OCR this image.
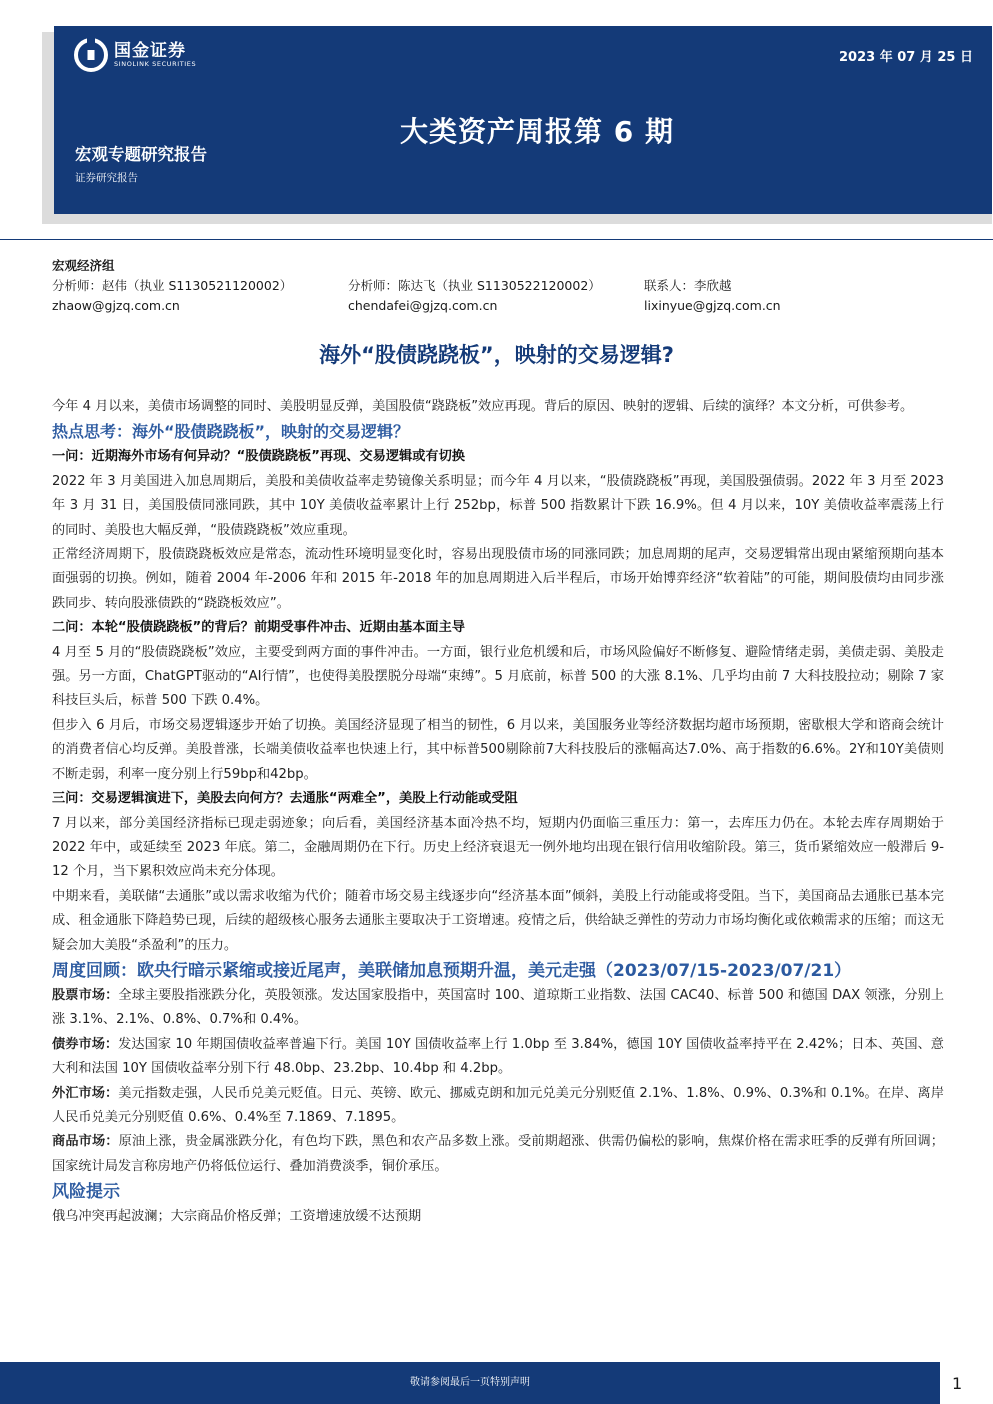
国金证券
SINOLINK SECURITIES	2023 年 07 月 25 日
大类资产周报第 6 期
宏观专题研究报告
证券研究报告
宏观经济组
分析师：赵伟（执业 S1130521120002）
zhaow@gjzq.com.cn
分析师：陈达飞（执业 S1130522120002）
chendafei@gjzq.com.cn
联系人：李欣越
lixinyue@gjzq.com.cn
海外“股债跷跷板”，映射的交易逻辑?

今年 4 月以来，美债市场调整的同时、美股明显反弹，美国股债“跷跷板”效应再现。背后的原因、映射的逻辑、后续的演绎？本文分析，可供参考。

热点思考：海外“股债跷跷板”，映射的交易逻辑？

一问：近期海外市场有何异动？“股债跷跷板”再现、交易逻辑或有切换

2022 年 3 月美国进入加息周期后，美股和美债收益率走势镜像关系明显；而今年 4 月以来，“股债跷跷板”再现，美国股强债弱。2022 年 3 月至 2023 年 3 月 31 日，美国股债同涨同跌，其中 10Y 美债收益率累计上行 252bp，标普 500 指数累计下跌 16.9%。但 4 月以来，10Y 美债收益率震荡上行的同时、美股也大幅反弹，“股债跷跷板”效应重现。

正常经济周期下，股债跷跷板效应是常态，流动性环境明显变化时，容易出现股债市场的同涨同跌；加息周期的尾声，交易逻辑常出现由紧缩预期向基本面强弱的切换。例如，随着 2004 年-2006 年和 2015 年-2018 年的加息周期进入后半程后，市场开始博弈经济“软着陆”的可能，期间股债均由同步涨跌同步、转向股涨债跌的“跷跷板效应”。

二问：本轮“股债跷跷板”的背后？前期受事件冲击、近期由基本面主导

4 月至 5 月的“股债跷跷板”效应，主要受到两方面的事件冲击。一方面，银行业危机缓和后，市场风险偏好不断修复、避险情绪走弱，美债走弱、美股走强。另一方面，ChatGPT驱动的“AI行情”，也使得美股摆脱分母端“束缚”。5 月底前，标普 500 的大涨 8.1%、几乎均由前 7 大科技股拉动；剔除 7 家科技巨头后，标普 500 下跌 0.4%。

但步入 6 月后，市场交易逻辑逐步开始了切换。美国经济显现了相当的韧性，6 月以来，美国服务业等经济数据均超市场预期，密歇根大学和谘商会统计的消费者信心均反弹。美股普涨，长端美债收益率也快速上行，其中标普500剔除前7大科技股后的涨幅高达7.0%、高于指数的6.6%。2Y和10Y美债则不断走弱，利率一度分别上行59bp和42bp。

三问：交易逻辑演进下，美股去向何方？去通胀“两难全”，美股上行动能或受阻

7 月以来，部分美国经济指标已现走弱迹象；向后看，美国经济基本面冷热不均，短期内仍面临三重压力：第一，去库压力仍在。本轮去库存周期始于 2022 年中，或延续至 2023 年底。第二，金融周期仍在下行。历史上经济衰退无一例外地均出现在银行信用收缩阶段。第三，货币紧缩效应一般滞后 9-12 个月，当下累积效应尚未充分体现。

中期来看，美联储“去通胀”或以需求收缩为代价；随着市场交易主线逐步向“经济基本面”倾斜，美股上行动能或将受阻。当下，美国商品去通胀已基本完成、租金通胀下降趋势已现，后续的超级核心服务去通胀主要取决于工资增速。疫情之后，供给缺乏弹性的劳动力市场均衡化或依赖需求的压缩；而这无疑会加大美股“杀盈利”的压力。

周度回顾：欧央行暗示紧缩或接近尾声，美联储加息预期升温，美元走强（2023/07/15-2023/07/21）

股票市场：全球主要股指涨跌分化，英股领涨。发达国家股指中，英国富时 100、道琼斯工业指数、法国 CAC40、标普 500 和德国 DAX 领涨，分别上涨 3.1%、2.1%、0.8%、0.7%和 0.4%。

债券市场：发达国家 10 年期国债收益率普遍下行。美国 10Y 国债收益率上行 1.0bp 至 3.84%，德国 10Y 国债收益率持平在 2.42%；日本、英国、意大利和法国 10Y 国债收益率分别下行 48.0bp、23.2bp、10.4bp 和 4.2bp。

外汇市场：美元指数走强，人民币兑美元贬值。日元、英镑、欧元、挪威克朗和加元兑美元分别贬值 2.1%、1.8%、0.9%、0.3%和 0.1%。在岸、离岸人民币兑美元分别贬值 0.6%、0.4%至 7.1869、7.1895。

商品市场：原油上涨，贵金属涨跌分化，有色均下跌，黑色和农产品多数上涨。受前期超涨、供需仍偏松的影响，焦煤价格在需求旺季的反弹有所回调；国家统计局发言称房地产仍将低位运行、叠加消费淡季，铜价承压。

风险提示

俄乌冲突再起波澜；大宗商品价格反弹；工资增速放缓不达预期

敬请参阅最后一页特别声明	1
